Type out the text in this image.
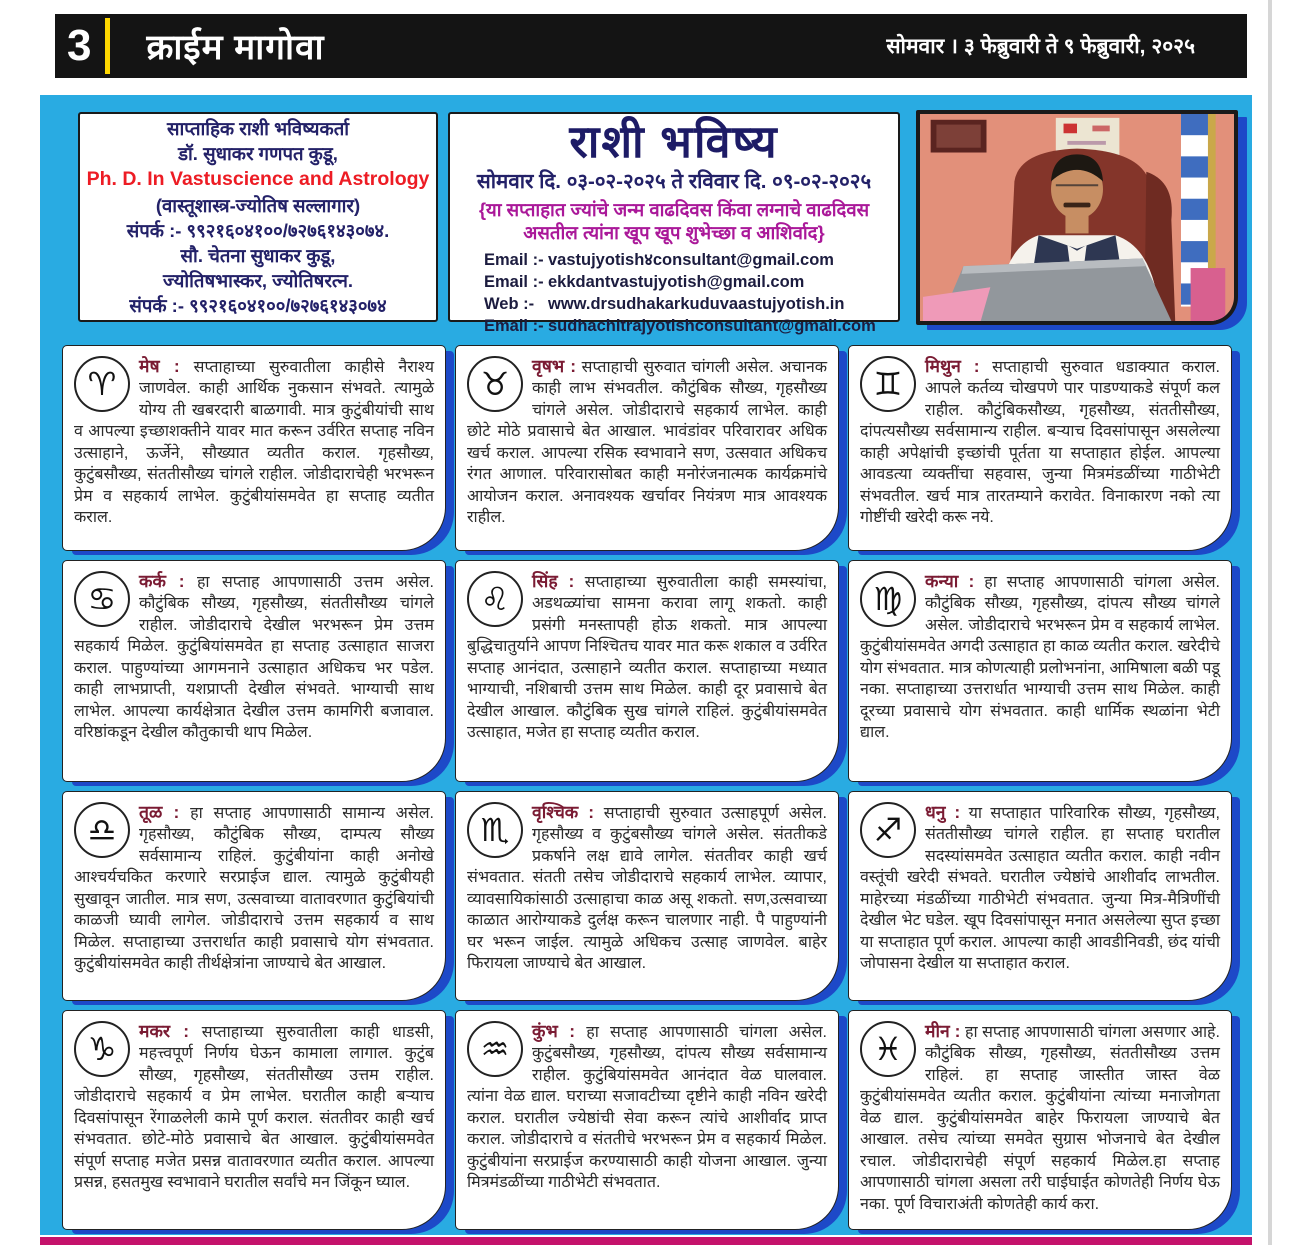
3	क्राईम मागोवा	सोमवार । ३ फेब्रुवारी ते ९ फेब्रुवारी, २०२५
साप्ताहिक राशी भविष्यकर्ता
डॉ. सुधाकर गणपत कुडू,
Ph. D. In Vastuscience and Astrology
(वास्तूशास्त्र-ज्योतिष सल्लागार)
संपर्क :- ९९२१६०४१००/७२७६१४३०७४.
सौ. चेतना सुधाकर कुडू,
ज्योतिषभास्कर, ज्योतिषरत्न.
संपर्क :- ९९२१६०४१००/७२७६१४३०७४
राशी भविष्य
सोमवार दि. ०३-०२-२०२५ ते रविवार दि. ०९-०२-२०२५
{या सप्ताहात ज्यांचे जन्म वाढदिवस किंवा लग्नाचे वाढदिवस असतील त्यांना खूप खूप शुभेच्छा व आशिर्वाद}
Email :- vastujyotish४consultant@gmail.com
Email :- ekkdantvastujyotish@gmail.com
Web :- www.drsudhakarkuduvaastujyotish.in
Email :- sudhachitrajyotishconsultant@gmail.com
♈	मेष : सप्ताहाच्या सुरुवातीला काहीसे नैराश्य जाणवेल. काही आर्थिक नुकसान संभवते. त्यामुळे योग्य ती खबरदारी बाळगावी. मात्र कुटुंबीयांची साथ व आपल्या इच्छाशक्तीने यावर मात करून उर्वरित सप्ताह नविन उत्साहाने, ऊर्जेने, सौख्यात व्यतीत कराल. गृहसौख्य, कुटुंबसौख्य, संततीसौख्य चांगले राहील. जोडीदाराचेही भरभरून प्रेम व सहकार्य लाभेल. कुटुंबीयांसमवेत हा सप्ताह व्यतीत कराल.
♉	वृषभ : सप्ताहाची सुरुवात चांगली असेल. अचानक काही लाभ संभवतील. कौटुंबिक सौख्य, गृहसौख्य चांगले असेल. जोडीदाराचे सहकार्य लाभेल. काही छोटे मोठे प्रवासाचे बेत आखाल. भावंडांवर परिवारावर अधिक खर्च कराल. आपल्या रसिक स्वभावाने सण, उत्सवात अधिकच रंगत आणाल. परिवारासोबत काही मनोरंजनात्मक कार्यक्रमांचे आयोजन कराल. अनावश्यक खर्चावर नियंत्रण मात्र आवश्यक राहील.
♊	मिथुन : सप्ताहाची सुरुवात धडाक्यात कराल. आपले कर्तव्य चोखपणे पार पाडण्याकडे संपूर्ण कल राहील. कौटुंबिकसौख्य, गृहसौख्य, संततीसौख्य, दांपत्यसौख्य सर्वसामान्य राहील. बऱ्याच दिवसांपासून असलेल्या काही अपेक्षांची इच्छांची पूर्तता या सप्ताहात होईल. आपल्या आवडत्या व्यक्तींचा सहवास, जुन्या मित्रमंडळींच्या गाठीभेटी संभवतील. खर्च मात्र तारतम्याने करावेत. विनाकारण नको त्या गोष्टींची खरेदी करू नये.
♋	कर्क : हा सप्ताह आपणासाठी उत्तम असेल. कौटुंबिक सौख्य, गृहसौख्य, संततीसौख्य चांगले राहील. जोडीदाराचे देखील भरभरून प्रेम उत्तम सहकार्य मिळेल. कुटुंबियांसमवेत हा सप्ताह उत्साहात साजरा कराल. पाहुण्यांच्या आगमनाने उत्साहात अधिकच भर पडेल. काही लाभप्राप्ती, यशप्राप्ती देखील संभवते. भाग्याची साथ लाभेल. आपल्या कार्यक्षेत्रात देखील उत्तम कामगिरी बजावाल. वरिष्ठांकडून देखील कौतुकाची थाप मिळेल.
♌	सिंह : सप्ताहाच्या सुरुवातीला काही समस्यांचा, अडथळ्यांचा सामना करावा लागू शकतो. काही प्रसंगी मनस्तापही होऊ शकतो. मात्र आपल्या बुद्धिचातुर्याने आपण निश्चितच यावर मात करू शकाल व उर्वरित सप्ताह आनंदात, उत्साहाने व्यतीत कराल. सप्ताहाच्या मध्यात भाग्याची, नशिबाची उत्तम साथ मिळेल. काही दूर प्रवासाचे बेत देखील आखाल. कौटुंबिक सुख चांगले राहिलं. कुटुंबीयांसमवेत उत्साहात, मजेत हा सप्ताह व्यतीत कराल.
♍	कन्या : हा सप्ताह आपणासाठी चांगला असेल. कौटुंबिक सौख्य, गृहसौख्य, दांपत्य सौख्य चांगले असेल. जोडीदाराचे भरभरून प्रेम व सहकार्य लाभेल. कुटुंबीयांसमवेत अगदी उत्साहात हा काळ व्यतीत कराल. खरेदीचे योग संभवतात. मात्र कोणत्याही प्रलोभनांना, आमिषाला बळी पडू नका. सप्ताहाच्या उत्तरार्धात भाग्याची उत्तम साथ मिळेल. काही दूरच्या प्रवासाचे योग संभवतात. काही धार्मिक स्थळांना भेटी द्याल.
♎	तूळ : हा सप्ताह आपणासाठी सामान्य असेल. गृहसौख्य, कौटुंबिक सौख्य, दाम्पत्य सौख्य सर्वसामान्य राहिलं. कुटुंबीयांना काही अनोखे आश्चर्यचकित करणारे सरप्राईज द्याल. त्यामुळे कुटुंबीयही सुखावून जातील. मात्र सण, उत्सवाच्या वातावरणात कुटुंबियांची काळजी घ्यावी लागेल. जोडीदाराचे उत्तम सहकार्य व साथ मिळेल. सप्ताहाच्या उत्तरार्धात काही प्रवासाचे योग संभवतात. कुटुंबीयांसमवेत काही तीर्थक्षेत्रांना जाण्याचे बेत आखाल.
♏	वृश्चिक : सप्ताहाची सुरुवात उत्साहपूर्ण असेल. गृहसौख्य व कुटुंबसौख्य चांगले असेल. संततीकडे प्रकर्षाने लक्ष द्यावे लागेल. संततीवर काही खर्च संभवतात. संतती तसेच जोडीदाराचे सहकार्य लाभेल. व्यापार, व्यावसायिकांसाठी उत्साहाचा काळ असू शकतो. सण,उत्सवाच्या काळात आरोग्याकडे दुर्लक्ष करून चालणार नाही. पै पाहुण्यांनी घर भरून जाईल. त्यामुळे अधिकच उत्साह जाणवेल. बाहेर फिरायला जाण्याचे बेत आखाल.
♐	धनु : या सप्ताहात पारिवारिक सौख्य, गृहसौख्य, संततीसौख्य चांगले राहील. हा सप्ताह घरातील सदस्यांसमवेत उत्साहात व्यतीत कराल. काही नवीन वस्तूंची खरेदी संभवते. घरातील ज्येष्ठांचे आशीर्वाद लाभतील. माहेरच्या मंडळींच्या गाठीभेटी संभवतात. जुन्या मित्र-मैत्रिणींची देखील भेट घडेल. खूप दिवसांपासून मनात असलेल्या सुप्त इच्छा या सप्ताहात पूर्ण कराल. आपल्या काही आवडीनिवडी, छंद यांची जोपासना देखील या सप्ताहात कराल.
♑	मकर : सप्ताहाच्या सुरुवातीला काही धाडसी, महत्त्वपूर्ण निर्णय घेऊन कामाला लागाल. कुटुंब सौख्य, गृहसौख्य, संततीसौख्य उत्तम राहील. जोडीदाराचे सहकार्य व प्रेम लाभेल. घरातील काही बऱ्याच दिवसांपासून रेंगाळलेली कामे पूर्ण कराल. संततीवर काही खर्च संभवतात. छोटे-मोठे प्रवासाचे बेत आखाल. कुटुंबीयांसमवेत संपूर्ण सप्ताह मजेत प्रसन्न वातावरणात व्यतीत कराल. आपल्या प्रसन्न, हसतमुख स्वभावाने घरातील सर्वांचे मन जिंकून घ्याल.
♒	कुंभ : हा सप्ताह आपणासाठी चांगला असेल. कुटुंबसौख्य, गृहसौख्य, दांपत्य सौख्य सर्वसामान्य राहील. कुटुंबियांसमवेत आनंदात वेळ घालवाल. त्यांना वेळ द्याल. घराच्या सजावटीच्या दृष्टीने काही नविन खरेदी कराल. घरातील ज्येष्ठांची सेवा करून त्यांचे आशीर्वाद प्राप्त कराल. जोडीदाराचे व संततीचे भरभरून प्रेम व सहकार्य मिळेल. कुटुंबीयांना सरप्राईज करण्यासाठी काही योजना आखाल. जुन्या मित्रमंडळींच्या गाठीभेटी संभवतात.
♓	मीन : हा सप्ताह आपणासाठी चांगला असणार आहे. कौटुंबिक सौख्य, गृहसौख्य, संततीसौख्य उत्तम राहिलं. हा सप्ताह जास्तीत जास्त वेळ कुटुंबीयांसमवेत व्यतीत कराल. कुटुंबीयांना त्यांच्या मनाजोगता वेळ द्याल. कुटुंबीयांसमवेत बाहेर फिरायला जाण्याचे बेत आखाल. तसेच त्यांच्या समवेत सुग्रास भोजनाचे बेत देखील रचाल. जोडीदाराचेही संपूर्ण सहकार्य मिळेल.हा सप्ताह आपणासाठी चांगला असला तरी घाईघाईत कोणतेही निर्णय घेऊ नका. पूर्ण विचाराअंती कोणतेही कार्य करा.
